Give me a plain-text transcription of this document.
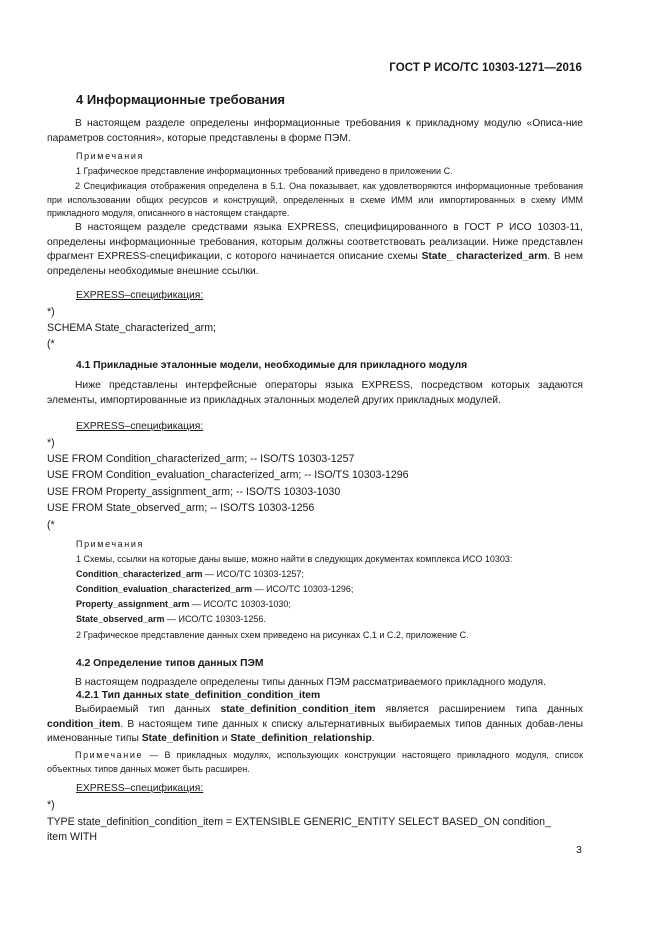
ГОСТ Р ИСО/ТС 10303-1271—2016
4 Информационные требования
В настоящем разделе определены информационные требования к прикладному модулю «Описа-ние параметров состояния», которые представлены в форме ПЭМ.
Примечания
1 Графическое представление информационных требований приведено в приложении С.
2 Спецификация отображения определена в 5.1. Она показывает, как удовлетворяются информационные требования при использовании общих ресурсов и конструкций, определенных в схеме ИММ или импортированных в схему ИММ прикладного модуля, описанного в настоящем стандарте.
В настоящем разделе средствами языка EXPRESS, специфицированного в ГОСТ Р ИСО 10303-11, определены информационные требования, которым должны соответствовать реализации. Ниже представлен фрагмент EXPRESS-спецификации, с которого начинается описание схемы State_ characterized_arm. В нем определены необходимые внешние ссылки.
EXPRESS–спецификация:
*)
SCHEMA State_characterized_arm;
(*
4.1 Прикладные эталонные модели, необходимые для прикладного модуля
Ниже представлены интерфейсные операторы языка EXPRESS, посредством которых задаются элементы, импортированные из прикладных эталонных моделей других прикладных модулей.
EXPRESS–спецификация:
*)
USE FROM Condition_characterized_arm; -- ISO/TS 10303-1257
USE FROM Condition_evaluation_characterized_arm; -- ISO/TS 10303-1296
USE FROM Property_assignment_arm; -- ISO/TS 10303-1030
USE FROM State_observed_arm; -- ISO/TS 10303-1256
(*
Примечания
1 Схемы, ссылки на которые даны выше, можно найти в следующих документах комплекса ИСО 10303:
Condition_characterized_arm — ИСО/ТС 10303-1257;
Condition_evaluation_characterized_arm — ИСО/ТС 10303-1296;
Property_assignment_arm — ИСО/ТС 10303-1030;
State_observed_arm — ИСО/ТС 10303-1256.
2 Графическое представление данных схем приведено на рисунках С.1 и С.2, приложение С.
4.2 Определение типов данных ПЭМ
В настоящем подразделе определены типы данных ПЭМ рассматриваемого прикладного модуля.
4.2.1 Тип данных state_definition_condition_item
Выбираемый тип данных state_definition_condition_item является расширением типа данных condition_item. В настоящем типе данных к списку альтернативных выбираемых типов данных добав-лены именованные типы State_definition и State_definition_relationship.
Примечание — В прикладных модулях, использующих конструкции настоящего прикладного модуля, список объектных типов данных может быть расширен.
EXPRESS–спецификация:
*)
TYPE state_definition_condition_item = EXTENSIBLE GENERIC_ENTITY SELECT BASED_ON condition_
item WITH
3
